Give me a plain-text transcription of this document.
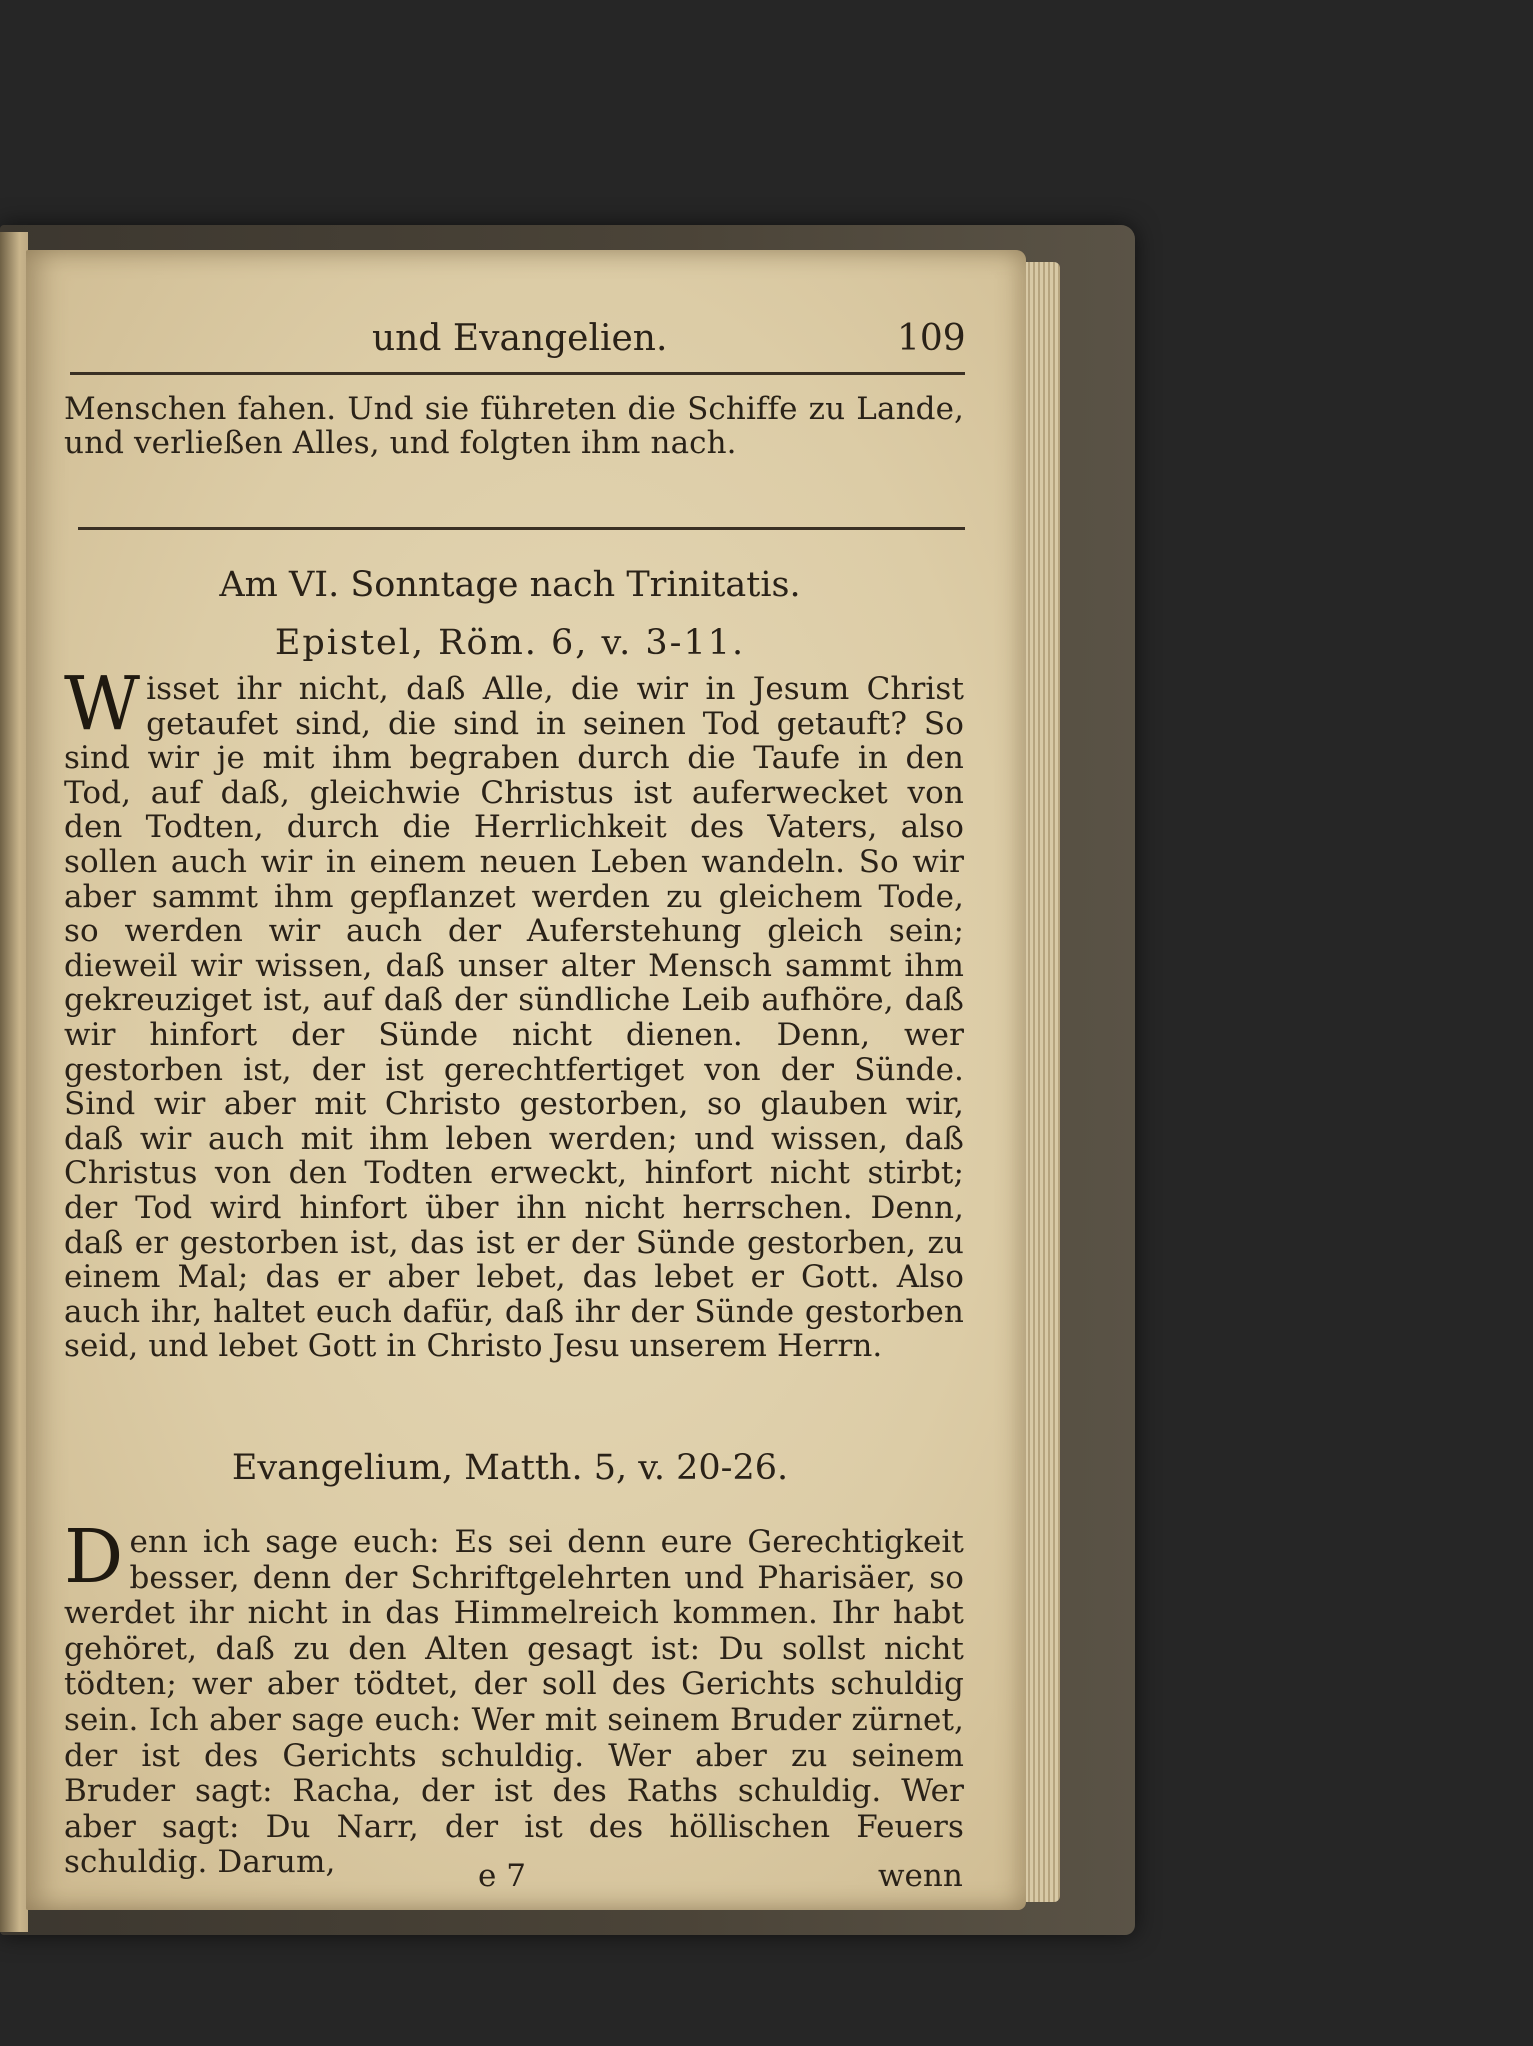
und Evangelien.	109
Menschen fahen. Und sie führeten die Schiffe zu Lande, und verließen Alles, und folgten ihm nach.
Am VI. Sonntage nach Trinitatis.
Epistel, Röm. 6, v. 3-11.
Wisset ihr nicht, daß Alle, die wir in Jesum Christ getaufet sind, die sind in seinen Tod getauft? So sind wir je mit ihm begraben durch die Taufe in den Tod, auf daß, gleichwie Christus ist auferwecket von den Todten, durch die Herrlichkeit des Vaters, also sollen auch wir in einem neuen Leben wandeln. So wir aber sammt ihm gepflanzet werden zu gleichem Tode, so werden wir auch der Auferstehung gleich sein; dieweil wir wissen, daß unser alter Mensch sammt ihm gekreuziget ist, auf daß der sündliche Leib aufhöre, daß wir hinfort der Sünde nicht dienen. Denn, wer gestorben ist, der ist gerechtfertiget von der Sünde. Sind wir aber mit Christo gestorben, so glauben wir, daß wir auch mit ihm leben werden; und wissen, daß Christus von den Todten erweckt, hinfort nicht stirbt; der Tod wird hinfort über ihn nicht herrschen. Denn, daß er gestorben ist, das ist er der Sünde gestorben, zu einem Mal; das er aber lebet, das lebet er Gott. Also auch ihr, haltet euch dafür, daß ihr der Sünde gestorben seid, und lebet Gott in Christo Jesu unserem Herrn.
Evangelium, Matth. 5, v. 20-26.
Denn ich sage euch: Es sei denn eure Gerechtigkeit besser, denn der Schriftgelehrten und Pharisäer, so werdet ihr nicht in das Himmelreich kommen. Ihr habt gehöret, daß zu den Alten gesagt ist: Du sollst nicht tödten; wer aber tödtet, der soll des Gerichts schuldig sein. Ich aber sage euch: Wer mit seinem Bruder zürnet, der ist des Gerichts schuldig. Wer aber zu seinem Bruder sagt: Racha, der ist des Raths schuldig. Wer aber sagt: Du Narr, der ist des höllischen Feuers schuldig. Darum,	e 7	wenn
